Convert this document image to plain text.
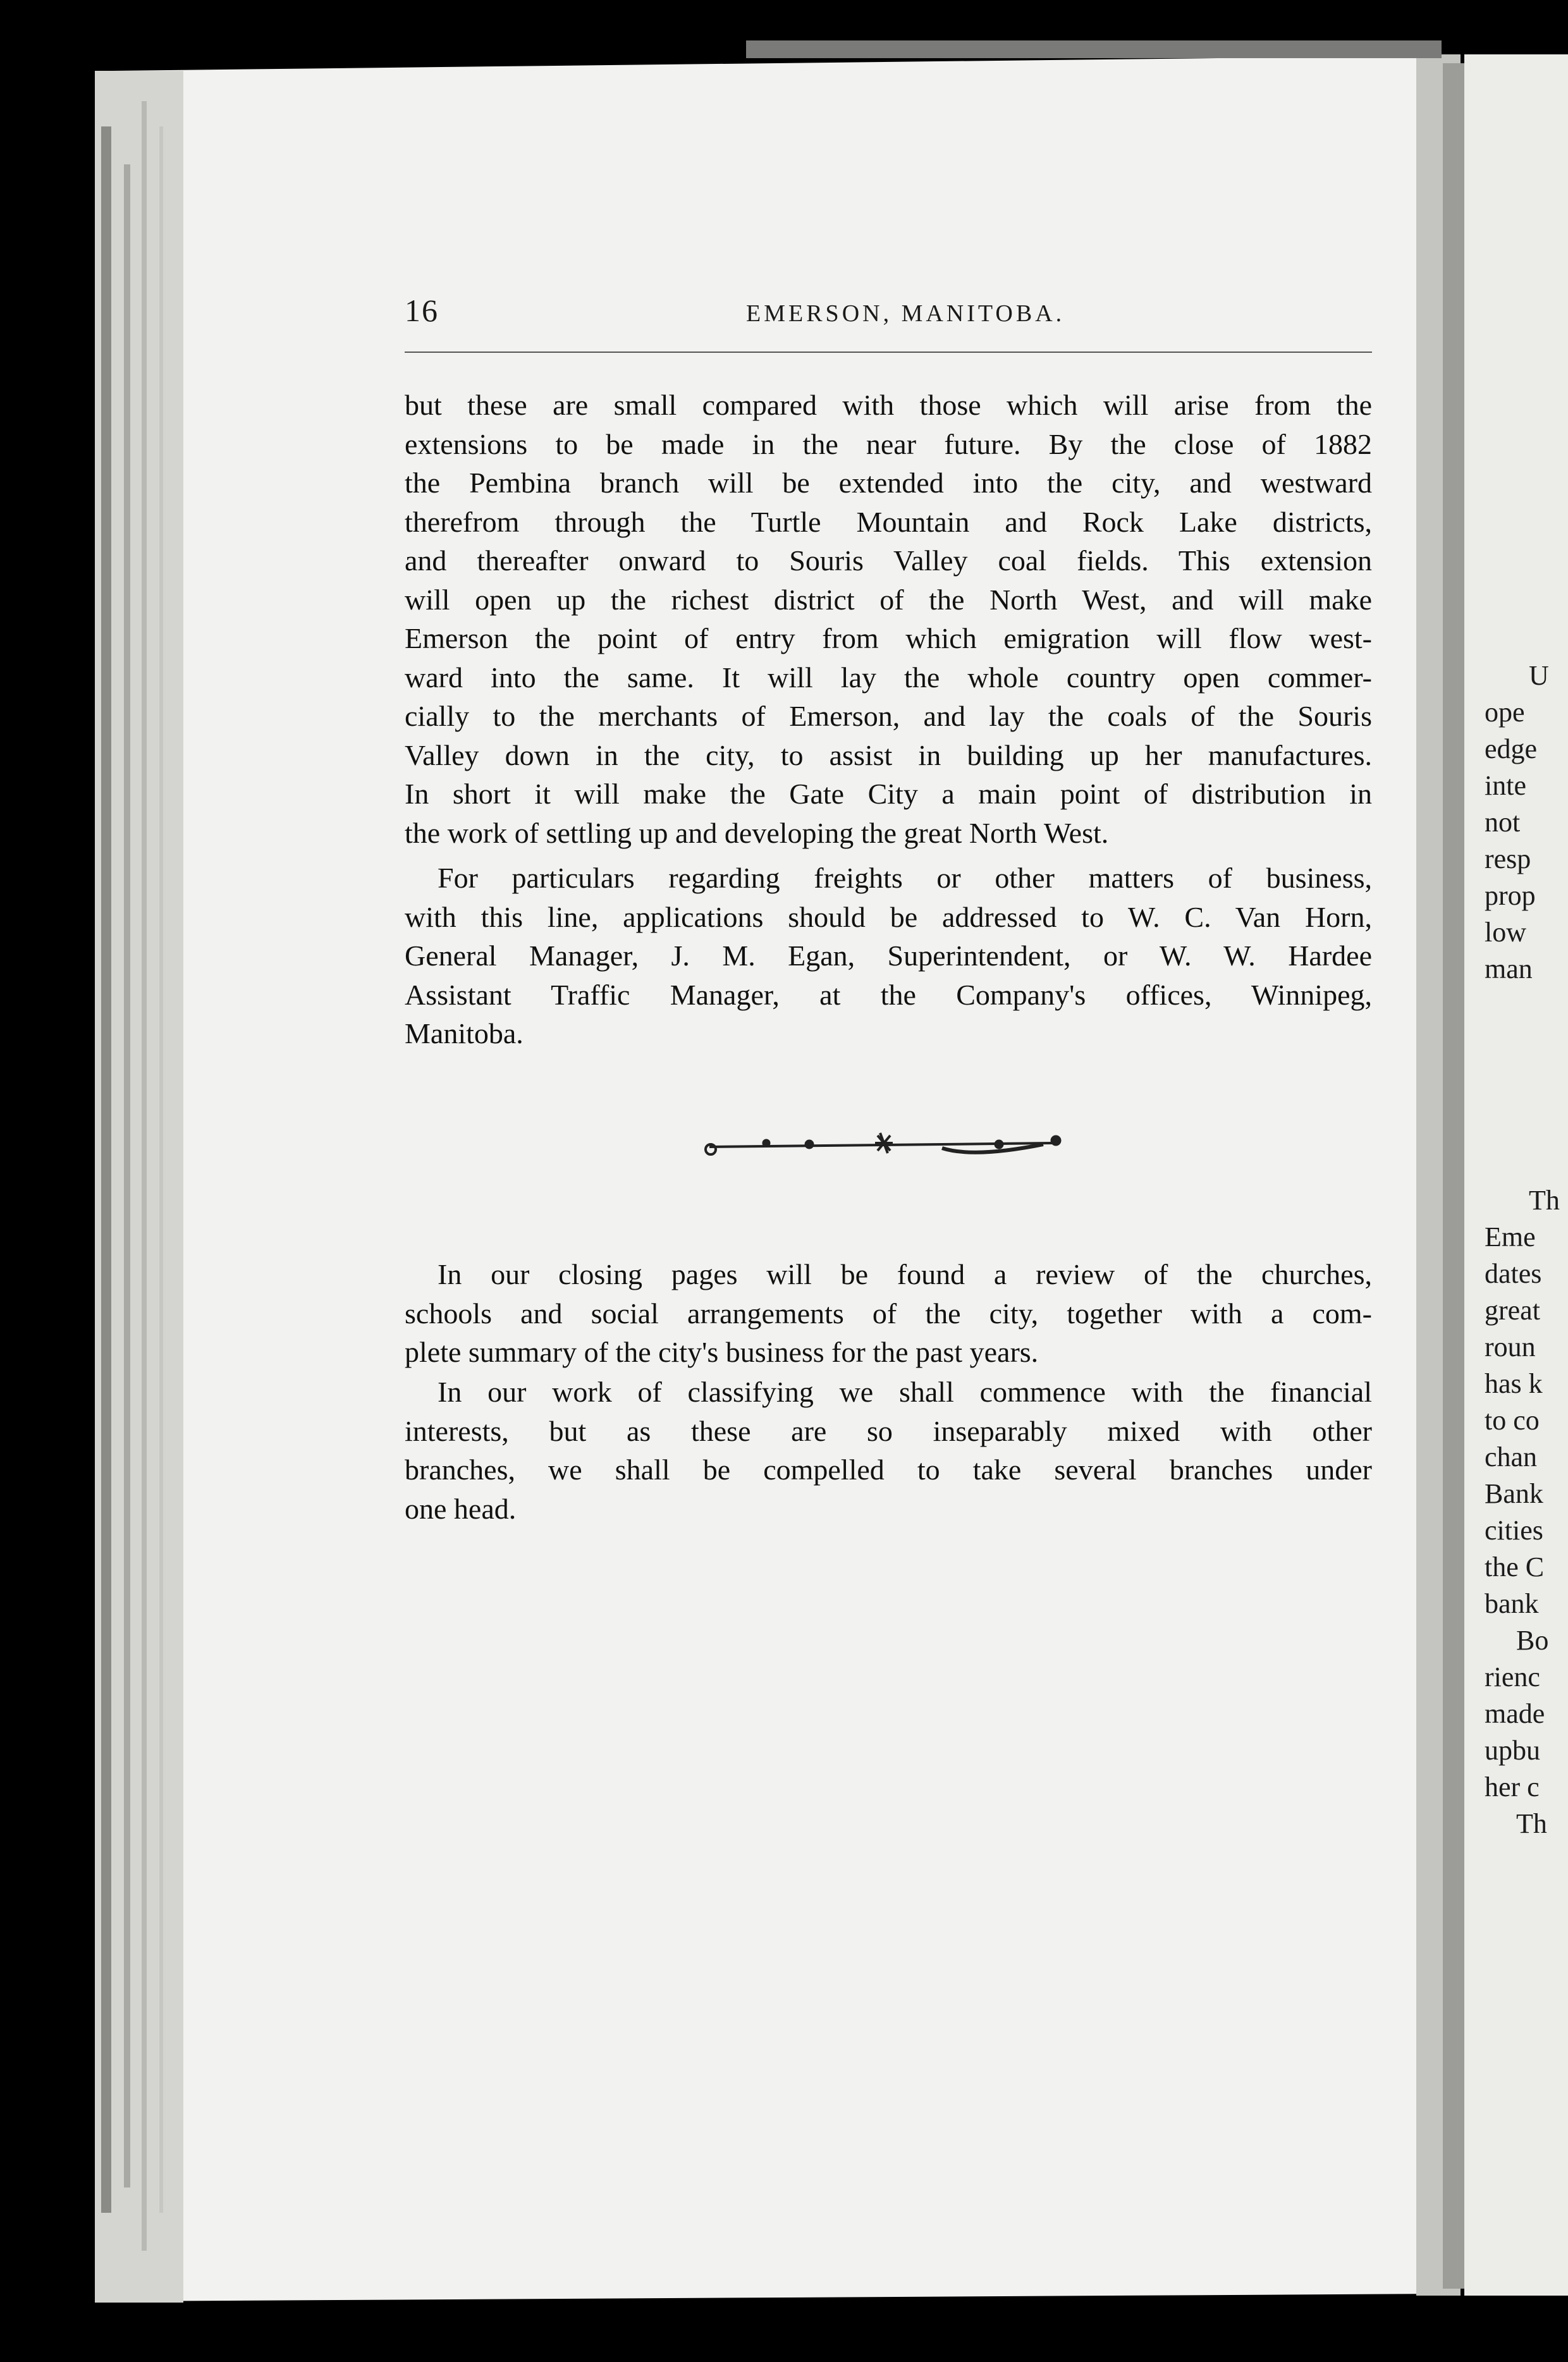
16	EMERSON, MANITOBA.
but these are small compared with those which will arise from the
extensions to be made in the near future. By the close of 1882
the Pembina branch will be extended into the city, and westward
therefrom through the Turtle Mountain and Rock Lake districts,
and thereafter onward to Souris Valley coal fields. This extension
will open up the richest district of the North West, and will make
Emerson the point of entry from which emigration will flow west-
ward into the same. It will lay the whole country open commer-
cially to the merchants of Emerson, and lay the coals of the Souris
Valley down in the city, to assist in building up her manufactures.
In short it will make the Gate City a main point of distribution in
the work of settling up and developing the great North West.
For particulars regarding freights or other matters of business,
with this line, applications should be addressed to W. C. Van Horn,
General Manager, J. M. Egan, Superintendent, or W. W. Hardee
Assistant Traffic Manager, at the Company's offices, Winnipeg,
Manitoba.
In our closing pages will be found a review of the churches,
schools and social arrangements of the city, together with a com-
plete summary of the city's business for the past years.
In our work of classifying we shall commence with the financial
interests, but as these are so inseparably mixed with other
branches, we shall be compelled to take several branches under
one head.
U
ope
edge
inte
not
resp
prop
low
man
Th
Eme
dates
great
roun
has k
to co
chan
Bank
cities
the C
bank
Bo
rienc
made
upbu
her c
Th
